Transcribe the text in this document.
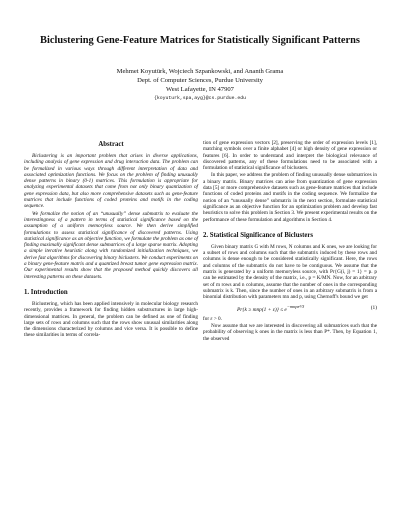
Biclustering Gene-Feature Matrices for Statistically Significant Patterns
Mehmet Koyutürk, Wojciech Szpankowski, and Ananth Grama
Dept. of Computer Sciences, Purdue University
West Lafayette, IN 47907
{koyuturk,spa,ayg}@cs.purdue.edu
Abstract

Biclustering is an important problem that arises in diverse applications, including analysis of gene expression and drug interaction data. The problem can be formalized in various ways through different interpretation of data and associated optimization functions. We focus on the problem of finding unusually dense patterns in binary (0-1) matrices. This formulation is appropriate for analyzing experimental datasets that come from not only binary quantization of gene expression data, but also more comprehensive datasets such as gene-feature matrices that include functions of coded proteins and motifs in the coding sequence.

We formalize the notion of an “unusually” dense submatrix to evaluate the interestingness of a pattern in terms of statistical significance based on the assumption of a uniform memoryless source. We then derive simplified formulations to assess statistical significance of discovered patterns. Using statistical significance as an objective function, we formulate the problem as one of finding maximally significant dense submatrices of a large sparse matrix. Adopting a simple iterative heuristic along with randomized initialization techniques, we derive fast algorithms for discovering binary biclusters. We conduct experiments on a binary gene-feature matrix and a quantized breast tumor gene expression matrix. Our experimental results show that the proposed method quickly discovers all interesting patterns on these datasets.

1. Introduction

Biclustering, which has been applied intensively in molecular biology research recently, provides a framework for finding hidden substructures in large high-dimensional matrices. In general, the problem can be defined as one of finding large sets of rows and columns such that the rows show unusual similarities along the dimensions characterized by columns and vice versa. It is possible to define these similarities in terms of correla-

tion of gene expression vectors [2], preserving the order of expression levels [1], matching symbols over a finite alphabet [4] or high density of gene expression or features [6]. In order to understand and interpret the biological relevance of discovered patterns, any of these formulations need to be associated with a formulation of statistical significance of biclusters.

In this paper, we address the problem of finding unusually dense submatrices in a binary matrix. Binary matrices can arise from quantization of gene expression data [5] or more comprehensive datasets such as gene-feature matrices that include functions of coded proteins and motifs in the coding sequence. We formalize the notion of an “unusually dense” submatrix in the next section, formulate statistical significance as an objective function for an optimization problem and develop fast heuristics to solve this problem in Section 3. We present experimental results on the performance of these formulation and algorithms in Section 4.

2. Statistical Significance of Biclusters

Given binary matrix G with M rows, N columns and K ones, we are looking for a subset of rows and columns such that the submatrix induced by these rows and columns is dense enough to be considered statistically significant. Here, the rows and columns of the submatrix do not have to be contiguous. We assume that the matrix is generated by a uniform memoryless source, with Pr{G(i, j) = 1} = p. p can be estimated by the density of the matrix, i.e., p = K/MN. Now, for an arbitrary set of m rows and n columns, assume that the number of ones in the corresponding submatrix is k. Then, since the number of ones in an arbitrary submatrix is from a binomial distribution with parameters mn and p, using Chernoff's bound we get

$Pr\{k \ge mnp(1 + \varepsilon)\} \le e^{-mnp\varepsilon^2/3}$	(1)

for ε > 0.

Now assume that we are interested in discovering all submatrices such that the probability of observing k ones in the matrix is less than P*. Then, by Equation 1, the observed
